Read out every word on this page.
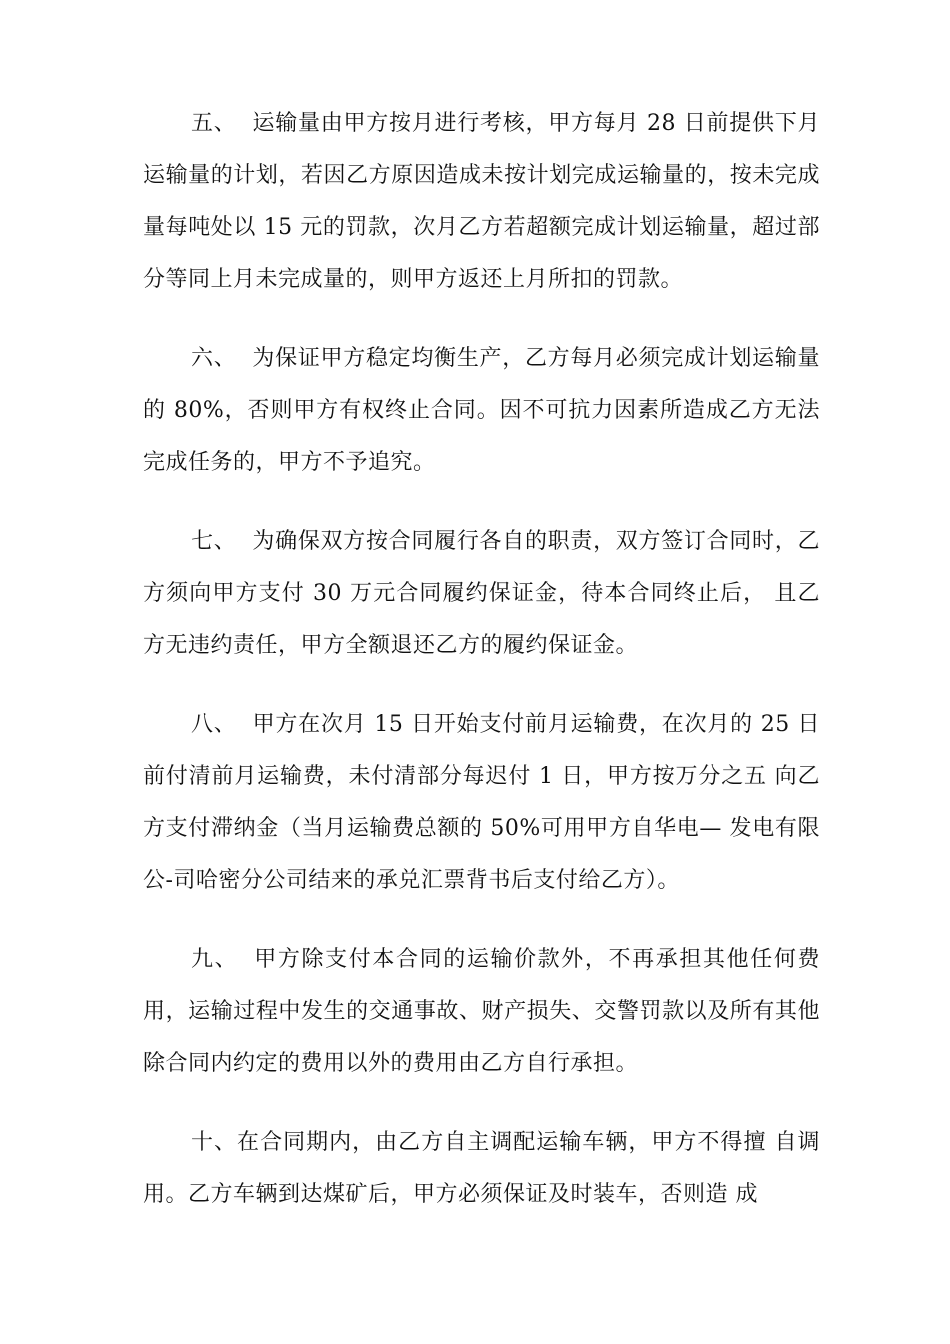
五、 运输量由甲方按月进行考核，甲方每月 28 日前提供下月运输量的计划，若因乙方原因造成未按计划完成运输量的，按未完成量每吨处以 15 元的罚款，次月乙方若超额完成计划运输量，超过部分等同上月未完成量的，则甲方返还上月所扣的罚款。

六、 为保证甲方稳定均衡生产，乙方每月必须完成计划运输量的 80%，否则甲方有权终止合同。因不可抗力因素所造成乙方无法完成任务的，甲方不予追究。

七、 为确保双方按合同履行各自的职责，双方签订合同时，乙方须向甲方支付 30 万元合同履约保证金，待本合同终止后， 且乙方无违约责任，甲方全额退还乙方的履约保证金。

八、 甲方在次月 15 日开始支付前月运输费，在次月的 25 日前付清前月运输费，未付清部分每迟付 1 日，甲方按万分之五 向乙方支付滞纳金（当月运输费总额的 50%可用甲方自华电— 发电有限公-司哈密分公司结来的承兑汇票背书后支付给乙方）。

九、 甲方除支付本合同的运输价款外，不再承担其他任何费用，运输过程中发生的交通事故、财产损失、交警罚款以及所有其他除合同内约定的费用以外的费用由乙方自行承担。

十、在合同期内，由乙方自主调配运输车辆，甲方不得擅 自调用。乙方车辆到达煤矿后，甲方必须保证及时装车，否则造 成
